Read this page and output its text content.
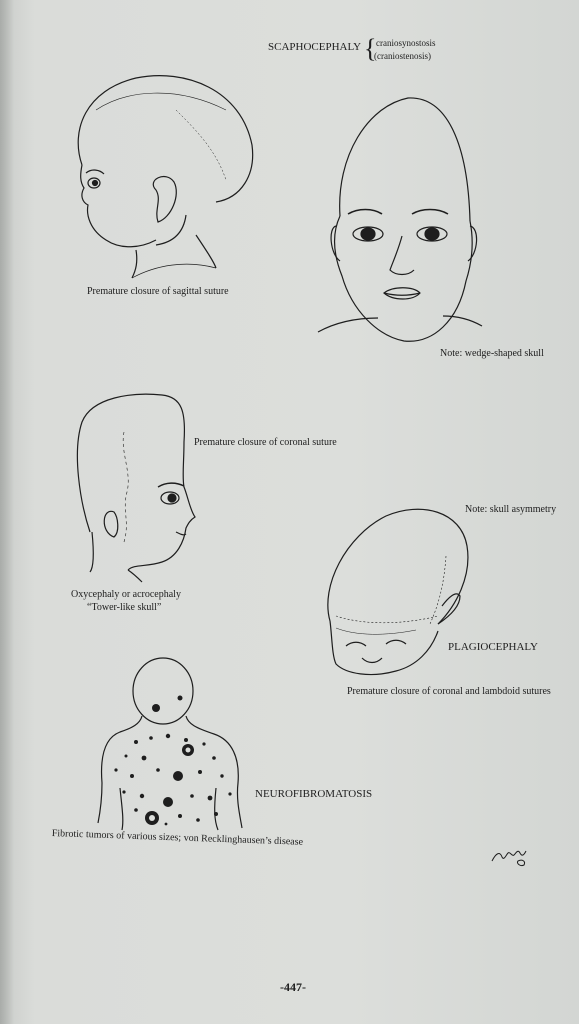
SCAPHOCEPHALY { craniosynostosis
(craniostenosis)
Premature closure of sagittal suture
Note: wedge-shaped skull
Premature closure of coronal suture
Oxycephaly or acrocephaly
“Tower-like skull”
Note: skull asymmetry
PLAGIOCEPHALY
Premature closure of coronal and lambdoid sutures
NEUROFIBROMATOSIS
Fibrotic tumors of various sizes; von Recklinghausen’s disease
-447-
